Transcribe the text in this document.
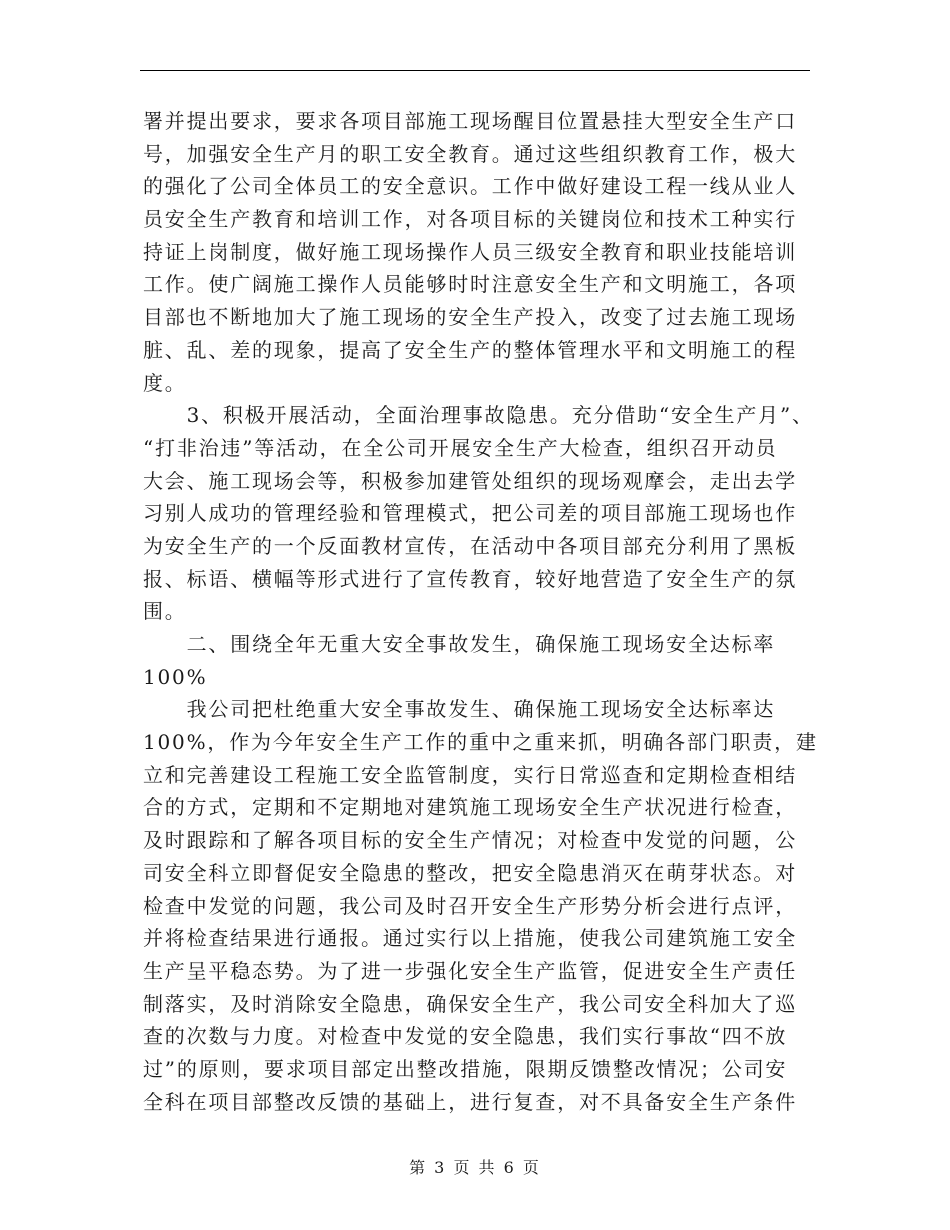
署并提出要求，要求各项目部施工现场醒目位置悬挂大型安全生产口
号，加强安全生产月的职工安全教育。通过这些组织教育工作，极大
的强化了公司全体员工的安全意识。工作中做好建设工程一线从业人
员安全生产教育和培训工作，对各项目标的关键岗位和技术工种实行
持证上岗制度，做好施工现场操作人员三级安全教育和职业技能培训
工作。使广阔施工操作人员能够时时注意安全生产和文明施工，各项
目部也不断地加大了施工现场的安全生产投入，改变了过去施工现场
脏、乱、差的现象，提高了安全生产的整体管理水平和文明施工的程
度。
　　3、积极开展活动，全面治理事故隐患。充分借助“安全生产月”、
“打非治违”等活动，在全公司开展安全生产大检查，组织召开动员
大会、施工现场会等，积极参加建管处组织的现场观摩会，走出去学
习别人成功的管理经验和管理模式，把公司差的项目部施工现场也作
为安全生产的一个反面教材宣传，在活动中各项目部充分利用了黑板
报、标语、横幅等形式进行了宣传教育，较好地营造了安全生产的氛
围。
　　二、围绕全年无重大安全事故发生，确保施工现场安全达标率
100%
　　我公司把杜绝重大安全事故发生、确保施工现场安全达标率达
100%，作为今年安全生产工作的重中之重来抓，明确各部门职责，建
立和完善建设工程施工安全监管制度，实行日常巡查和定期检查相结
合的方式，定期和不定期地对建筑施工现场安全生产状况进行检查，
及时跟踪和了解各项目标的安全生产情况；对检查中发觉的问题，公
司安全科立即督促安全隐患的整改，把安全隐患消灭在萌芽状态。对
检查中发觉的问题，我公司及时召开安全生产形势分析会进行点评，
并将检查结果进行通报。通过实行以上措施，使我公司建筑施工安全
生产呈平稳态势。为了进一步强化安全生产监管，促进安全生产责任
制落实，及时消除安全隐患，确保安全生产，我公司安全科加大了巡
查的次数与力度。对检查中发觉的安全隐患，我们实行事故“四不放
过”的原则，要求项目部定出整改措施，限期反馈整改情况；公司安
全科在项目部整改反馈的基础上，进行复查，对不具备安全生产条件
第 3 页 共 6 页
